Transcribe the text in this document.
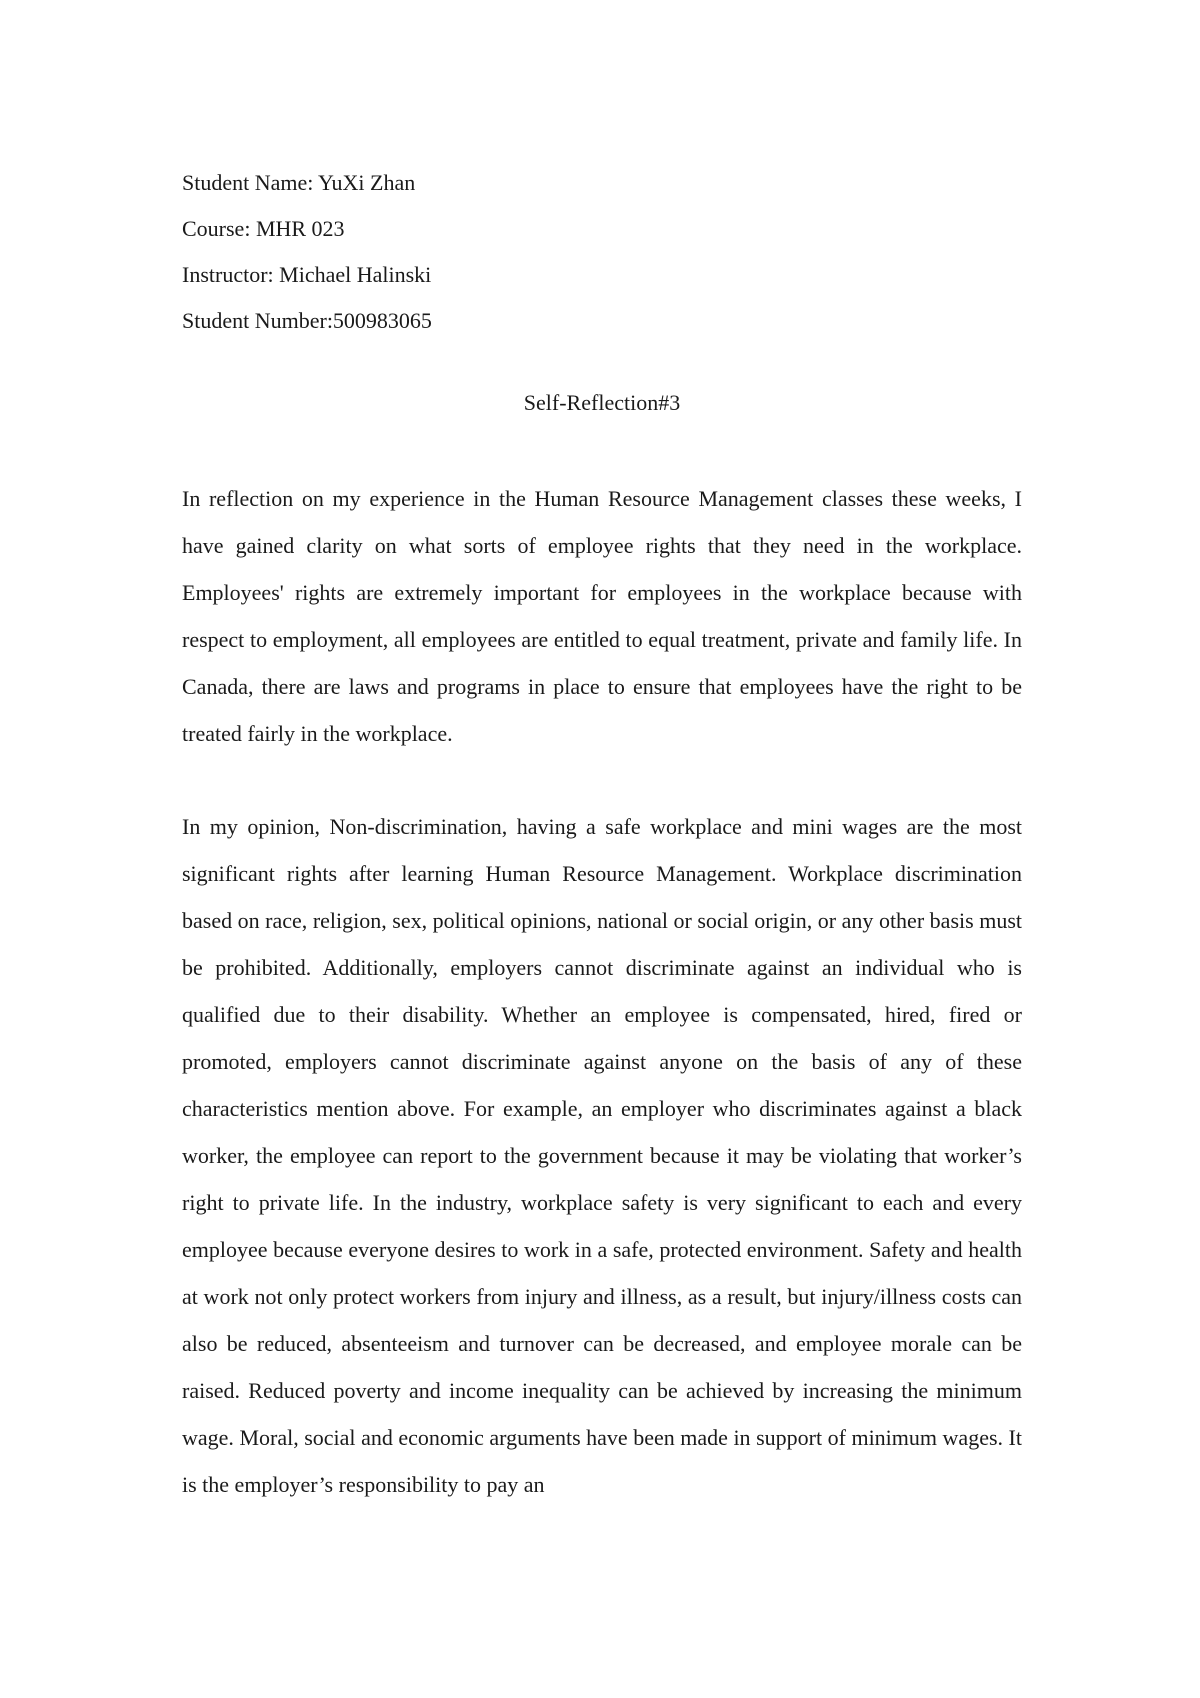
Student Name: YuXi Zhan
Course: MHR 023
Instructor: Michael Halinski
Student Number:500983065
Self-Reflection#3

In reflection on my experience in the Human Resource Management classes these weeks, I have gained clarity on what sorts of employee rights that they need in the workplace. Employees' rights are extremely important for employees in the workplace because with respect to employment, all employees are entitled to equal treatment, private and family life. In Canada, there are laws and programs in place to ensure that employees have the right to be treated fairly in the workplace.

In my opinion, Non-discrimination, having a safe workplace and mini wages are the most significant rights after learning Human Resource Management. Workplace discrimination based on race, religion, sex, political opinions, national or social origin, or any other basis must be prohibited. Additionally, employers cannot discriminate against an individual who is qualified due to their disability. Whether an employee is compensated, hired, fired or promoted, employers cannot discriminate against anyone on the basis of any of these characteristics mention above. For example, an employer who discriminates against a black worker, the employee can report to the government because it may be violating that worker’s right to private life. In the industry, workplace safety is very significant to each and every employee because everyone desires to work in a safe, protected environment. Safety and health at work not only protect workers from injury and illness, as a result, but injury/illness costs can also be reduced, absenteeism and turnover can be decreased, and employee morale can be raised. Reduced poverty and income inequality can be achieved by increasing the minimum wage. Moral, social and economic arguments have been made in support of minimum wages. It is the employer’s responsibility to pay an
